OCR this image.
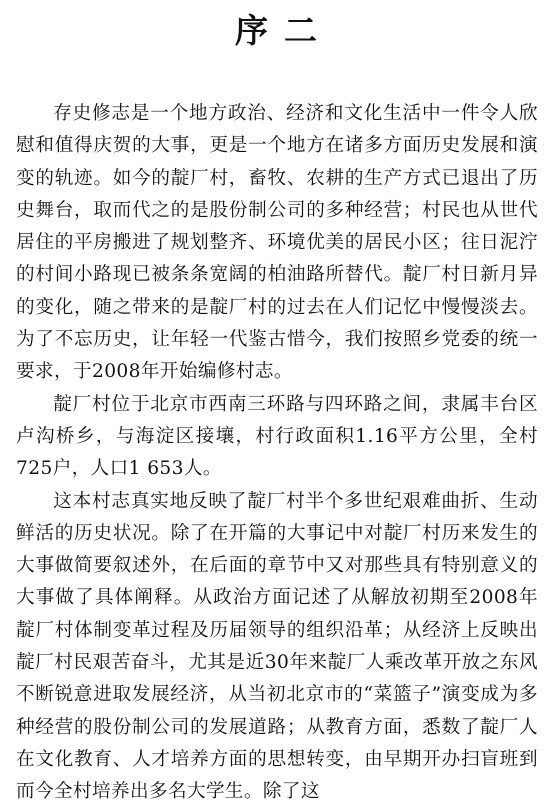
序二

存史修志是一个地方政治、经济和文化生活中一件令人欣慰和值得庆贺的大事，更是一个地方在诸多方面历史发展和演变的轨迹。如今的靛厂村，畜牧、农耕的生产方式已退出了历史舞台，取而代之的是股份制公司的多种经营；村民也从世代居住的平房搬进了规划整齐、环境优美的居民小区；往日泥泞的村间小路现已被条条宽阔的柏油路所替代。靛厂村日新月异的变化，随之带来的是靛厂村的过去在人们记忆中慢慢淡去。为了不忘历史，让年轻一代鉴古惜今，我们按照乡党委的统一要求，于2008年开始编修村志。

靛厂村位于北京市西南三环路与四环路之间，隶属丰台区卢沟桥乡，与海淀区接壤，村行政面积1.16平方公里，全村725户，人口1 653人。

这本村志真实地反映了靛厂村半个多世纪艰难曲折、生动鲜活的历史状况。除了在开篇的大事记中对靛厂村历来发生的大事做简要叙述外，在后面的章节中又对那些具有特别意义的大事做了具体阐释。从政治方面记述了从解放初期至2008年靛厂村体制变革过程及历届领导的组织沿革；从经济上反映出靛厂村民艰苦奋斗，尤其是近30年来靛厂人乘改革开放之东风不断锐意进取发展经济，从当初北京市的“菜篮子”演变成为多种经营的股份制公司的发展道路；从教育方面，悉数了靛厂人在文化教育、人才培养方面的思想转变，由早期开办扫盲班到而今全村培养出多名大学生。除了这
